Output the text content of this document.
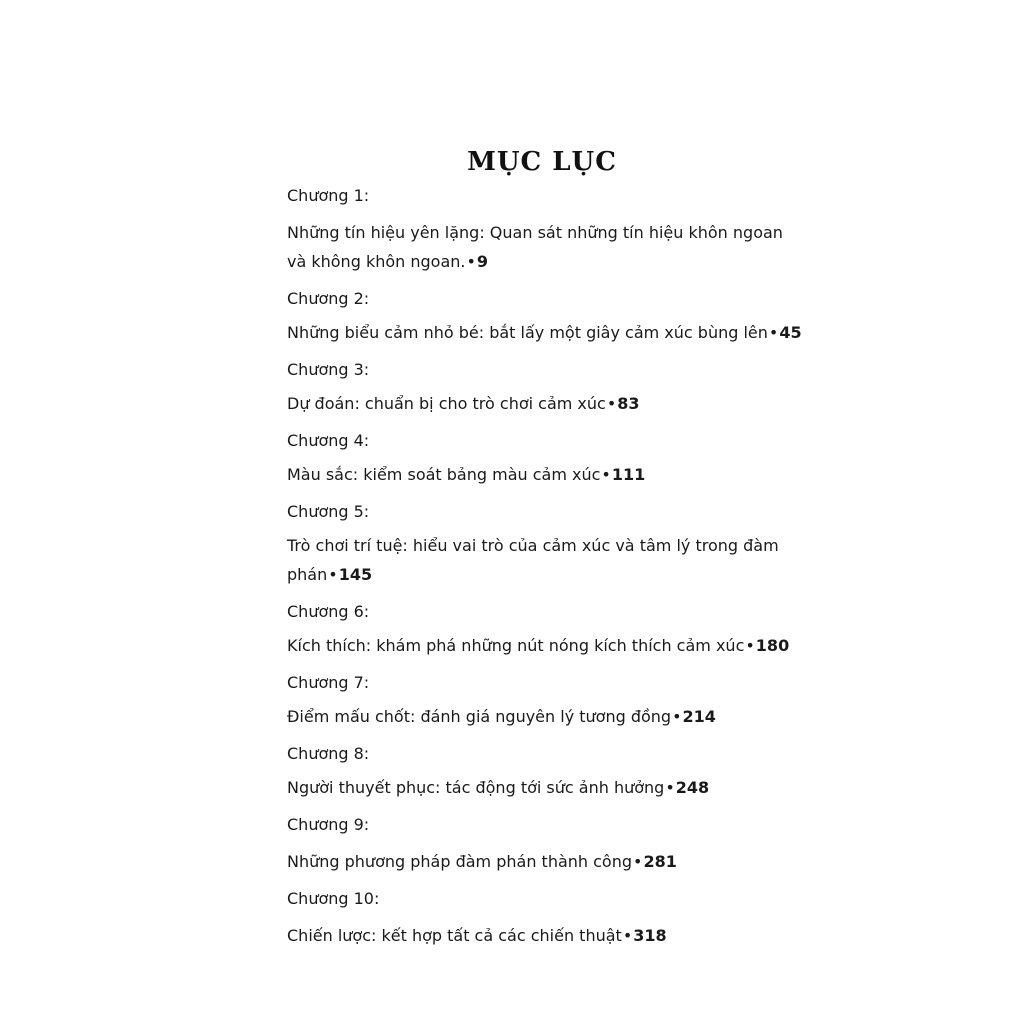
MỤC LỤC
Chương 1:
Những tín hiệu yên lặng: Quan sát những tín hiệu khôn ngoan và không khôn ngoan.•9
Chương 2:
Những biểu cảm nhỏ bé: bắt lấy một giây cảm xúc bùng lên•45
Chương 3:
Dự đoán: chuẩn bị cho trò chơi cảm xúc•83
Chương 4:
Màu sắc: kiểm soát bảng màu cảm xúc•111
Chương 5:
Trò chơi trí tuệ: hiểu vai trò của cảm xúc và tâm lý trong đàm phán•145
Chương 6:
Kích thích: khám phá những nút nóng kích thích cảm xúc•180
Chương 7:
Điểm mấu chốt: đánh giá nguyên lý tương đồng•214
Chương 8:
Người thuyết phục: tác động tới sức ảnh hưởng•248
Chương 9:
Những phương pháp đàm phán thành công•281
Chương 10:
Chiến lược: kết hợp tất cả các chiến thuật•318
